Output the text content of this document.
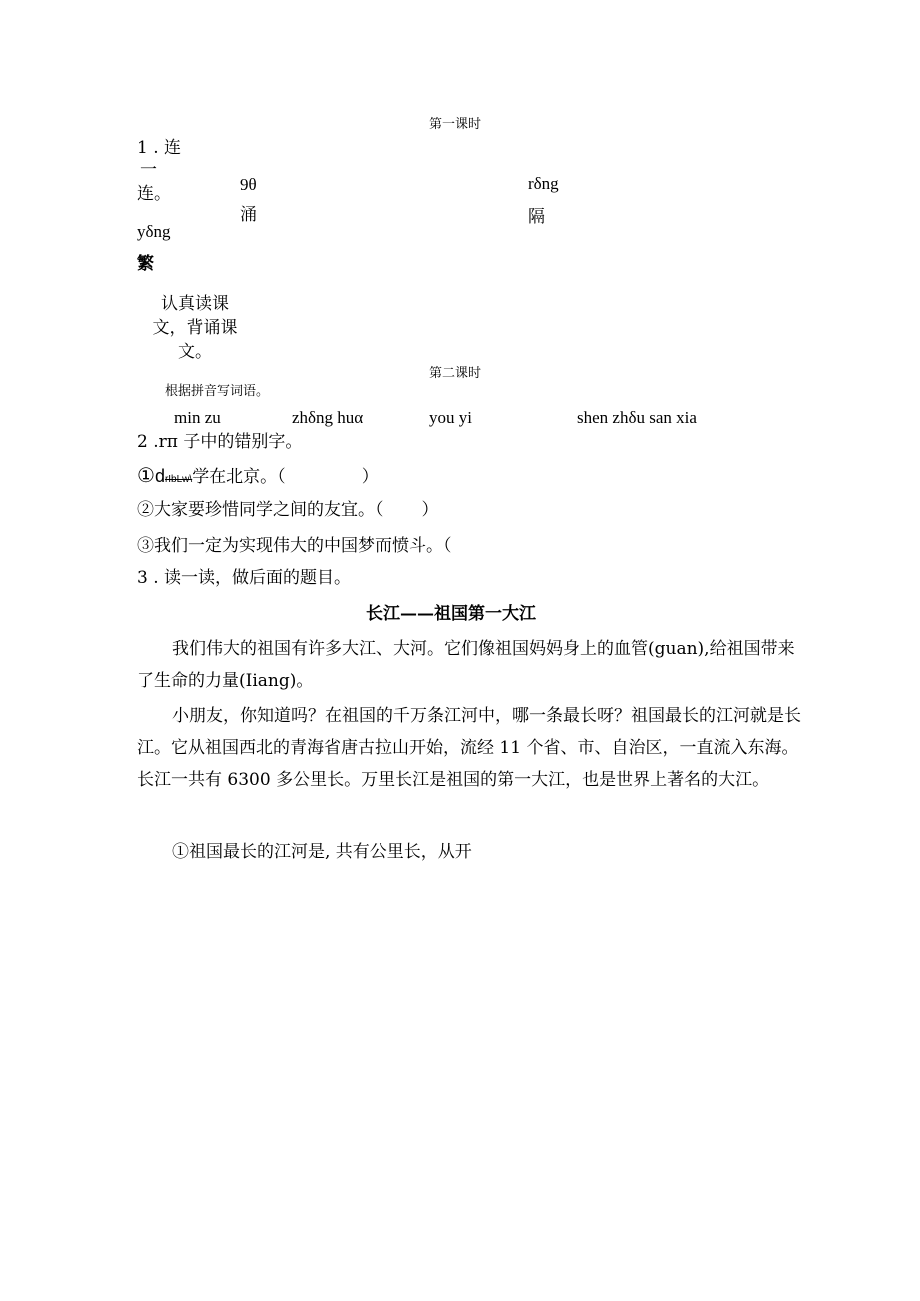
第一课时
1 . 连
一
连。	9θ	rδng
涌	隔
yδng
繁
认真读课
文，背诵课
文。
第二课时
根据拼音写词语。
min zu	zhδng huα	you yi	shen zhδu san xia
2 .rπ 子中的错别字。
①drIbLw\学在北京。（	）
②大家要珍惜同学之间的友宜。（ ）
③我们一定为实现伟大的中国梦而愤斗。（
3 . 读一读，做后面的题目。
长江——祖国第一大江
我们伟大的祖国有许多大江、大河。它们像祖国妈妈身上的血管(guan),给祖国带来了生命的力量(Iiang)。
小朋友，你知道吗？在祖国的千万条江河中，哪一条最长呀？祖国最长的江河就是长江。它从祖国西北的青海省唐古拉山开始，流经 11 个省、市、自治区，一直流入东海。长江一共有 6300 多公里长。万里长江是祖国的第一大江，也是世界上著名的大江。
①祖国最长的江河是, 共有公里长，从开
